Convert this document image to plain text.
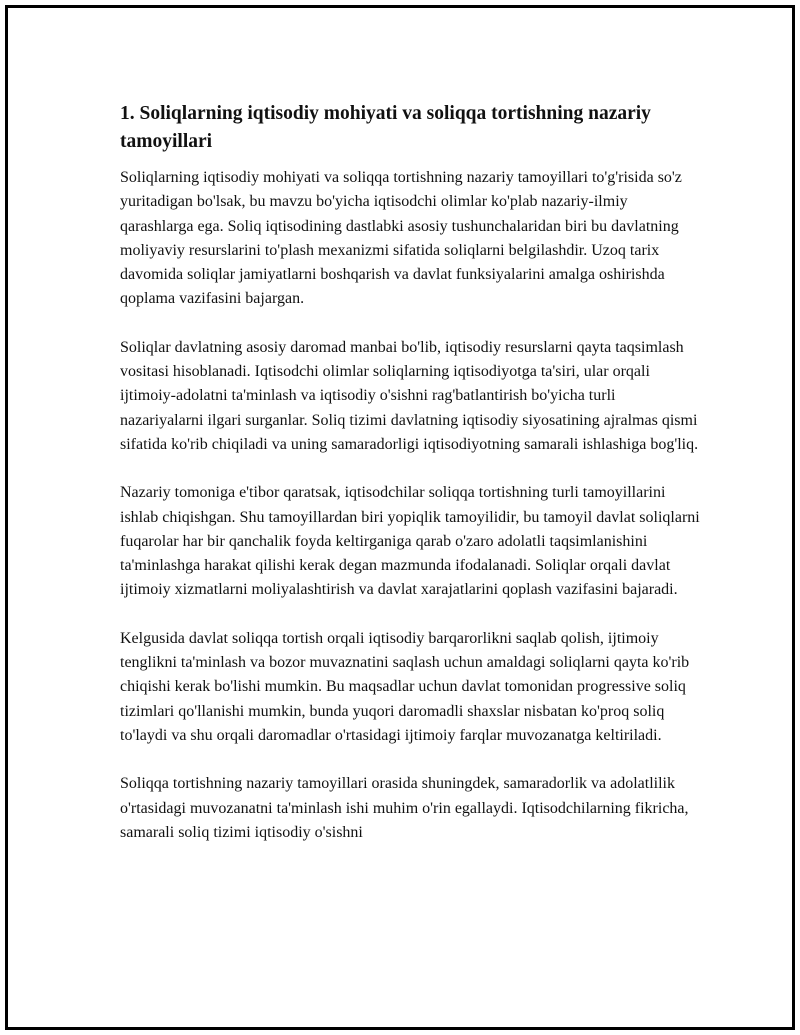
1. Soliqlarning iqtisodiy mohiyati va soliqqa tortishning nazariy tamoyillari

Soliqlarning iqtisodiy mohiyati va soliqqa tortishning nazariy tamoyillari to'g'risida so'z yuritadigan bo'lsak, bu mavzu bo'yicha iqtisodchi olimlar ko'plab nazariy-ilmiy qarashlarga ega. Soliq iqtisodining dastlabki asosiy tushunchalaridan biri bu davlatning moliyaviy resurslarini to'plash mexanizmi sifatida soliqlarni belgilashdir. Uzoq tarix davomida soliqlar jamiyatlarni boshqarish va davlat funksiyalarini amalga oshirishda qoplama vazifasini bajargan.

Soliqlar davlatning asosiy daromad manbai bo'lib, iqtisodiy resurslarni qayta taqsimlash vositasi hisoblanadi. Iqtisodchi olimlar soliqlarning iqtisodiyotga ta'siri, ular orqali ijtimoiy-adolatni ta'minlash va iqtisodiy o'sishni rag'batlantirish bo'yicha turli nazariyalarni ilgari surganlar. Soliq tizimi davlatning iqtisodiy siyosatining ajralmas qismi sifatida ko'rib chiqiladi va uning samaradorligi iqtisodiyotning samarali ishlashiga bog'liq.

Nazariy tomoniga e'tibor qaratsak, iqtisodchilar soliqqa tortishning turli tamoyillarini ishlab chiqishgan. Shu tamoyillardan biri yopiqlik tamoyilidir, bu tamoyil davlat soliqlarni fuqarolar har bir qanchalik foyda keltirganiga qarab o'zaro adolatli taqsimlanishini ta'minlashga harakat qilishi kerak degan mazmunda ifodalanadi. Soliqlar orqali davlat ijtimoiy xizmatlarni moliyalashtirish va davlat xarajatlarini qoplash vazifasini bajaradi.

Kelgusida davlat soliqqa tortish orqali iqtisodiy barqarorlikni saqlab qolish, ijtimoiy tenglikni ta'minlash va bozor muvaznatini saqlash uchun amaldagi soliqlarni qayta ko'rib chiqishi kerak bo'lishi mumkin. Bu maqsadlar uchun davlat tomonidan progressive soliq tizimlari qo'llanishi mumkin, bunda yuqori daromadli shaxslar nisbatan ko'proq soliq to'laydi va shu orqali daromadlar o'rtasidagi ijtimoiy farqlar muvozanatga keltiriladi.

Soliqqa tortishning nazariy tamoyillari orasida shuningdek, samaradorlik va adolatlilik o'rtasidagi muvozanatni ta'minlash ishi muhim o'rin egallaydi. Iqtisodchilarning fikricha, samarali soliq tizimi iqtisodiy o'sishni
